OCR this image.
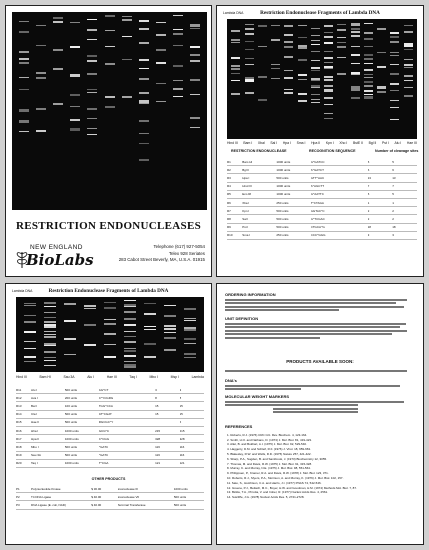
RESTRICTION ENDONUCLEASES
NEW ENGLAND
BioLabs
Telephone (617) 927-5054
Telex 928 Seriates
283 Cabot Street Beverly, MA, U.S.A. 01915
Lambda DNA	Restriction Endonuclease Fragments of Lambda DNA
Hind III Bam I Xbal Sal I Hpa I Sma I Hpa II Kpn I Xho I BstE II Bgl II Pst I Alu I Hae III
RESTRICTION ENDONUCLEASE	RECOGNITION SEQUENCE	Number of cleavage sites
R1	Bam HI	1000 units	G^GATCC	5	5
R2	Bgl II	1000 units	A^GATCT	6	6
R3	Hpa I	500 units	GTT^AAC	13	13
R4	Hind III	1000 units	A^AGCTT	7	7
R5	Eco RI	1000 units	G^AATTC	5	5
R6	Xba I	250 units	T^CTAGA	1	1
R7	Kpn I	500 units	GGTAC^C	2	2
R8	Sal I	500 units	G^TCGAC	2	2
R9	Pst I	500 units	CTGCA^G	18	18
R10	Sma I	250 units	CCC^GGG	3	3
Lambda DNA	Restriction Endonuclease Fragments of Lambda DNA
Hind III	Bam HI	Sau 3A	Alu I	Hae III	Taq I	Mbo I	Msp I	Lambda
R11	Alu I	500 units	AG^CT	3	3
R12	Ava I	200 units	C^YCGRG	8	8
R13	Bal I	100 units	TGG^CCA	15	15
R14	Cla I	500 units	AT^CGAT	15	15
R15	Hae II	500 units	RGCGC^Y	5
R16	Hha I	1000 units	GCG^C	215	215
R17	Hpa II	1000 units	C^CGG	328	328
R18	Mbo I	500 units	^GATC	116	116
R19	Sau 3A	500 units	^GATC	116	116
R20	Taq I	1000 units	T^CGA	121	121
OTHER PRODUCTS
P1	Polynucleotide Kinase	$ 30.00	Exonuclease III	1000 units
P2	T4 DNA Ligase	$ 40.00	Exonuclease VII	500 units
P3	DNA Ligase (E. coli, NAD)	$ 40.00	Terminal Transferase	500 units
ORDERING INFORMATION
UNIT DEFINITION
PRODUCTS AVAILABLE SOON:
DNA's
MOLECULAR WEIGHT MARKERS
REFERENCES
1. Roberts, R.J. (1976) CRC Crit. Rev. Biochem. 4, 123-164.
2. Smith, H.O. and Nathans, D. (1973) J. Mol. Biol. 81, 419-423.
3. Allet, B. and Bukhari, A.I. (1975) J. Mol. Biol. 92, 529-540.
4. Haggerty, D.M. and Schleif, R.F. (1976) J. Virol. 18, 659-663.
5. Blakesley, R.W. and Wells, R.D. (1975) Nature 257, 421-422.
6. Sharp, P.A., Sugden, B. and Sambrook, J. (1973) Biochemistry 12, 3055.
7. Thomas, M. and Davis, R.W. (1975) J. Mol. Biol. 91, 315-328.
8. Murray, K. and Murray, N.E. (1975) J. Mol. Biol. 98, 551-564.
9. Philippsen, P., Kramer, R.A. and Davis, R.W. (1978) J. Mol. Biol. 123, 371.
10. Roberts, R.J., Myers, P.A., Morrison, A. and Murray, K. (1976) J. Mol. Biol. 102, 157.
11. Sato, S., Hutchison, C.A. and Harris, J.I. (1977) PNAS 74, 542-546.
12. Greene, P.J., Betlach, M.C., Boyer, H.W. and Goodman, H.M. (1974) Methods Mol. Biol. 7, 87.
13. Bickle, T.A., Pirrotta, V. and Imber, R. (1977) Nucleic Acids Res. 4, 2561.
14. Sutcliffe, J.G. (1978) Nucleic Acids Res. 5, 2721-2728.
